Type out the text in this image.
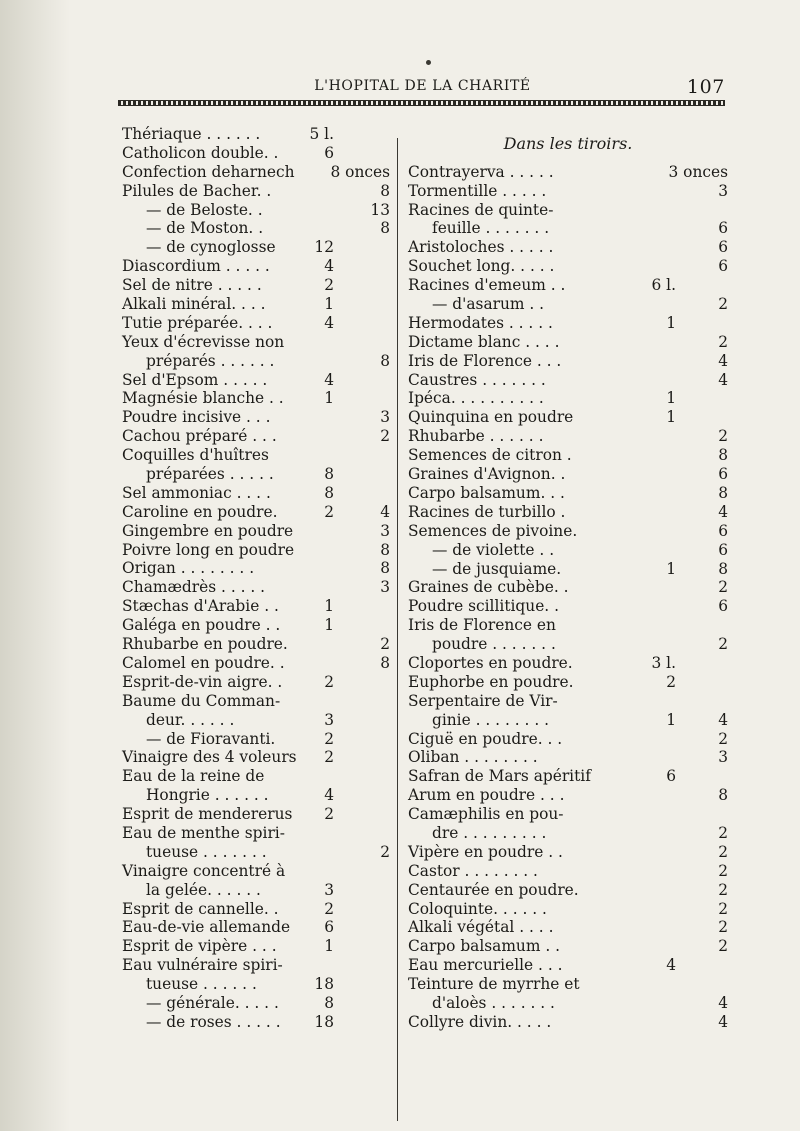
L'HOPITAL DE LA CHARITÉ	107
Dans les tiroirs.
Thériaque . . . . . .	5 l.
Catholicon double. .	6
Confection deharnech 8 onces
Pilules de Bacher. .	8
— de Beloste. .	13
— de Moston. .	8
— de cynoglosse	12
Diascordium . . . . .	4
Sel de nitre . . . . .	2
Alkali minéral. . . .	1
Tutie préparée. . . .	4
Yeux d'écrevisse non
préparés . . . . . .	8
Sel d'Epsom . . . . .	4
Magnésie blanche . .	1
Poudre incisive . . .	3
Cachou préparé . . .	2
Coquilles d'huîtres
préparées . . . . .	8
Sel ammoniac . . . .	8
Caroline en poudre.	2	4
Gingembre en poudre	3
Poivre long en poudre	8
Origan . . . . . . . .	8
Chamædrès . . . . .	3
Stæchas d'Arabie . .	1
Galéga en poudre . .	1
Rhubarbe en poudre.	2
Calomel en poudre. .	8
Esprit-de-vin aigre. .	2
Baume du Comman-
deur. . . . . .	3
— de Fioravanti.	2
Vinaigre des 4 voleurs 2
Eau de la reine de
Hongrie . . . . . .	4
Esprit de mendererus 2
Eau de menthe spiri-
tueuse . . . . . . .	2
Vinaigre concentré à
la gelée. . . . . .	3
Esprit de cannelle. .	2
Eau-de-vie allemande 6
Esprit de vipère . . .	1
Eau vulnéraire spiri-
tueuse . . . . . .	18
— générale. . . . .	8
— de roses . . . . . 18
Contrayerva . . . . .	3 onces
Tormentille . . . . .	3
Racines de quinte-
feuille . . . . . . .	6
Aristoloches . . . . .	6
Souchet long. . . . .	6
Racines d'emeum . .	6 l.
— d'asarum . .	2
Hermodates . . . . .	1
Dictame blanc . . . .	2
Iris de Florence . . .	4
Caustres . . . . . . .	4
Ipéca. . . . . . . . . .	1
Quinquina en poudre	1
Rhubarbe . . . . . .	2
Semences de citron .	8
Graines d'Avignon. .	6
Carpo balsamum. . .	8
Racines de turbillo .	4
Semences de pivoine.	6
— de violette . .	6
— de jusquiame.	1	8
Graines de cubèbe. .	2
Poudre scillitique. .	6
Iris de Florence en
poudre . . . . . . .	2
Cloportes en poudre.	3 l.
Euphorbe en poudre.	2
Serpentaire de Vir-
ginie . . . . . . . .	1	4
Ciguë en poudre. . .	2
Oliban . . . . . . . .	3
Safran de Mars apéritif	6
Arum en poudre . . .	8
Camæphilis en pou-
dre . . . . . . . . .	2
Vipère en poudre . .	2
Castor . . . . . . . .	2
Centaurée en poudre.	2
Coloquinte. . . . . .	2
Alkali végétal . . . .	2
Carpo balsamum . .	2
Eau mercurielle . . .	4
Teinture de myrrhe et
d'aloès . . . . . . .	4
Collyre divin. . . . .	4
